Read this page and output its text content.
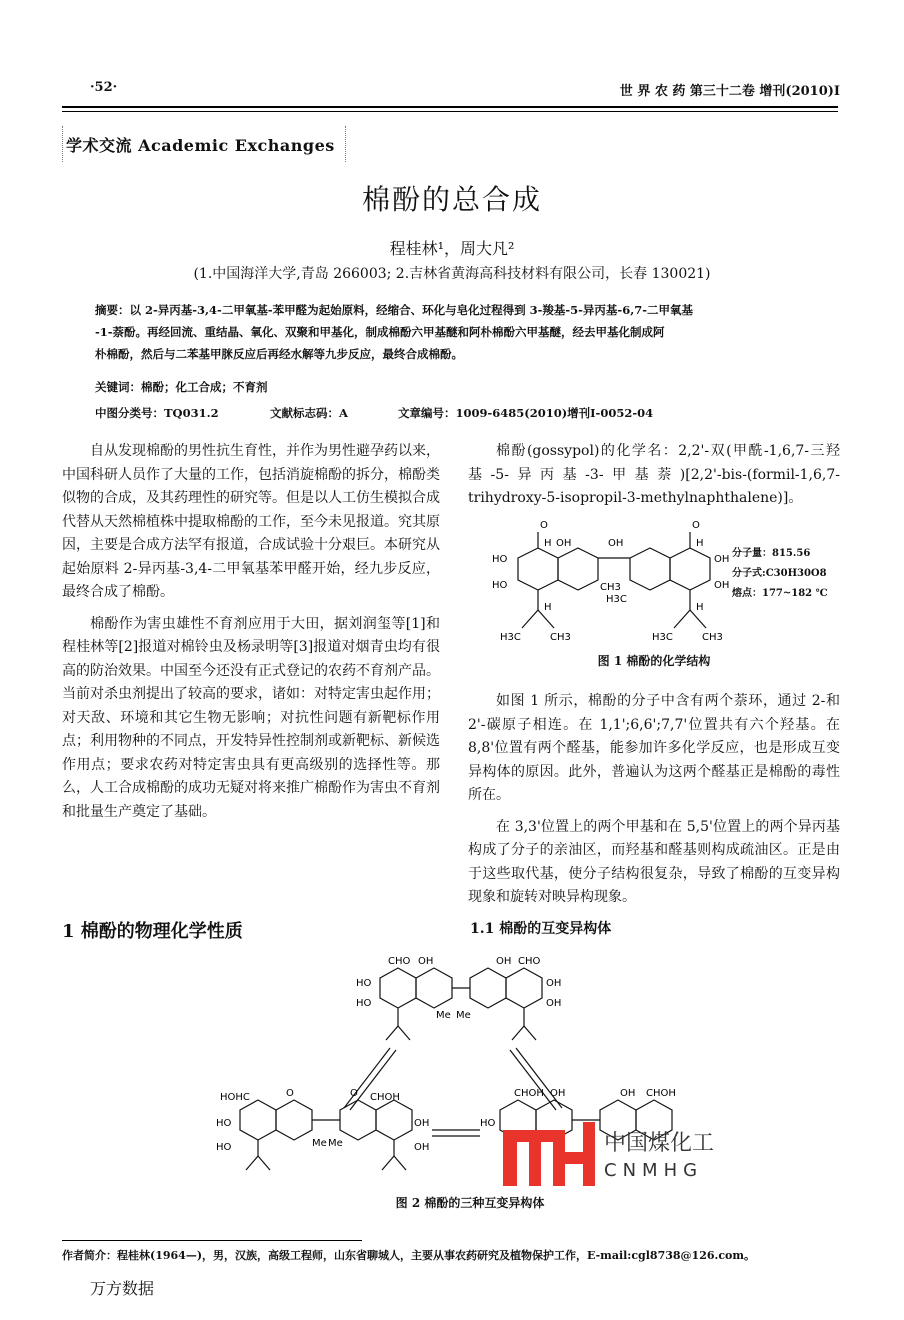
·52·	世 界 农 药 第三十二卷 增刊(2010)Ⅰ
学术交流 Academic Exchanges
棉酚的总合成
程桂林¹，周大凡²
(1.中国海洋大学,青岛 266003; 2.吉林省黄海高科技材料有限公司，长春 130021)
摘要：以 2-异丙基-3,4-二甲氧基-苯甲醛为起始原料，经缩合、环化与皂化过程得到 3-羧基-5-异丙基-6,7-二甲氧基
-1-萘酚。再经回流、重结晶、氧化、双聚和甲基化，制成棉酚六甲基醚和阿朴棉酚六甲基醚，经去甲基化制成阿
朴棉酚，然后与二苯基甲脒反应后再经水解等九步反应，最终合成棉酚。
关键词：棉酚；化工合成；不育剂
中图分类号：TQ031.2	文献标志码：A	文章编号：1009-6485(2010)增刊Ⅰ-0052-04

自从发现棉酚的男性抗生育性，并作为男性避孕药以来，中国科研人员作了大量的工作，包括消旋棉酚的拆分，棉酚类似物的合成，及其药理性的研究等。但是以人工仿生模拟合成代替从天然棉植株中提取棉酚的工作，至今未见报道。究其原因，主要是合成方法罕有报道，合成试验十分艰巨。本研究从起始原料 2-异丙基-3,4-二甲氧基苯甲醛开始，经九步反应，最终合成了棉酚。

棉酚作为害虫雄性不育剂应用于大田，据刘润玺等[1]和程桂林等[2]报道对棉铃虫及杨录明等[3]报道对烟青虫均有很高的防治效果。中国至今还没有正式登记的农药不育剂产品。当前对杀虫剂提出了较高的要求，诸如：对特定害虫起作用；对天敌、环境和其它生物无影响；对抗性问题有新靶标作用点；利用物种的不同点，开发特异性控制剂或新靶标、新候选作用点；要求农药对特定害虫具有更高级别的选择性等。那么，人工合成棉酚的成功无疑对将来推广棉酚作为害虫不育剂和批量生产奠定了基础。

1 棉酚的物理化学性质

棉酚(gossypol)的化学名：2,2'-双(甲酰-1,6,7-三羟基-5-异丙基-3-甲基萘)[2,2'-bis-(formil-1,6,7-trihydroxy-5-isopropil-3-methylnaphthalene)]。

O	O
H OH
HO
HO	CH3
OH	H
OH
OH
H3C
H	H
H3C	CH3	H3C	CH3
分子量：815.56
分子式:C30H30O8
熔点：177~182 ℃
图 1 棉酚的化学结构

如图 1 所示，棉酚的分子中含有两个萘环，通过 2-和 2'-碳原子相连。在 1,1';6,6';7,7'位置共有六个羟基。在 8,8'位置有两个醛基，能参加许多化学反应，也是形成互变异构体的原因。此外，普遍认为这两个醛基正是棉酚的毒性所在。

在 3,3'位置上的两个甲基和在 5,5'位置上的两个异丙基构成了分子的亲油区，而羟基和醛基则构成疏油区。正是由于这些取代基，使分子结构很复杂，导致了棉酚的互变异构现象和旋转对映异构现象。

1.1 棉酚的互变异构体
CHO OH	OH CHO
HO
HO
OH
OH
Me Me
HOHC	O	O CHOH
HO
HO
OH
OH
Me Me
CHOH OH	OH CHOH
HO
中国煤化工
CNMHG
图 2 棉酚的三种互变异构体
作者简介：程桂林(1964—)，男，汉族，高级工程师，山东省聊城人，主要从事农药研究及植物保护工作，E-mail:cgl8738@126.com。
万方数据
